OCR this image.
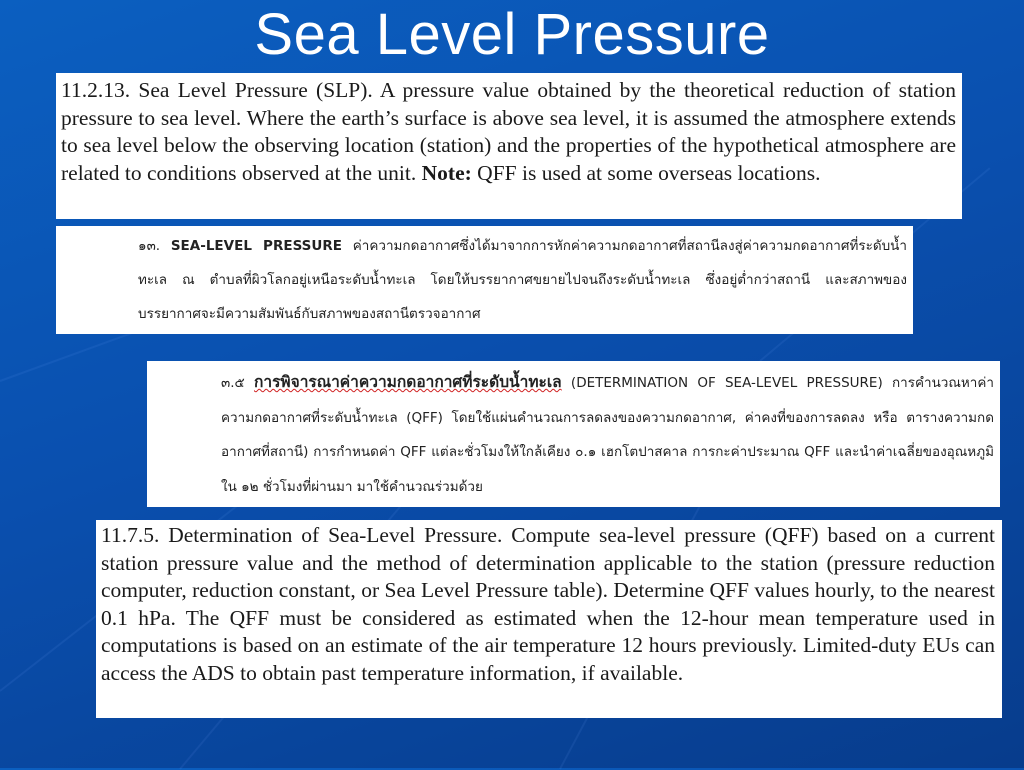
Sea Level Pressure
11.2.13. Sea Level Pressure (SLP). A pressure value obtained by the theoretical reduction of station pressure to sea level. Where the earth’s surface is above sea level, it is assumed the atmosphere extends to sea level below the observing location (station) and the properties of the hypothetical atmosphere are related to conditions observed at the unit. Note: QFF is used at some overseas locations.
๑๓. SEA-LEVEL PRESSURE ค่าความกดอากาศซึ่งได้มาจากการหักค่าความกดอากาศที่สถานีลงสู่ค่าความกดอากาศที่ระดับน้ำทะเล ณ ตำบลที่ผิวโลกอยู่เหนือระดับน้ำทะเล โดยให้บรรยากาศขยายไปจนถึงระดับน้ำทะเล ซึ่งอยู่ต่ำกว่าสถานี และสภาพของบรรยากาศจะมีความสัมพันธ์กับสภาพของสถานีตรวจอากาศ
๓.๕ การพิจารณาค่าความกดอากาศที่ระดับน้ำทะเล (DETERMINATION OF SEA-LEVEL PRESSURE) การคำนวณหาค่าความกดอากาศที่ระดับน้ำทะเล (QFF) โดยใช้แผ่นคำนวณการลดลงของความกดอากาศ, ค่าคงที่ของการลดลง หรือ ตารางความกดอากาศที่สถานี) การกำหนดค่า QFF แต่ละชั่วโมงให้ใกล้เคียง ๐.๑ เฮกโตปาสคาล การกะค่าประมาณ QFF และนำค่าเฉลี่ยของอุณหภูมิใน ๑๒ ชั่วโมงที่ผ่านมา มาใช้คำนวณร่วมด้วย
11.7.5. Determination of Sea-Level Pressure. Compute sea-level pressure (QFF) based on a current station pressure value and the method of determination applicable to the station (pressure reduction computer, reduction constant, or Sea Level Pressure table). Determine QFF values hourly, to the nearest 0.1 hPa. The QFF must be considered as estimated when the 12-hour mean temperature used in computations is based on an estimate of the air temperature 12 hours previously. Limited-duty EUs can access the ADS to obtain past temperature information, if available.
